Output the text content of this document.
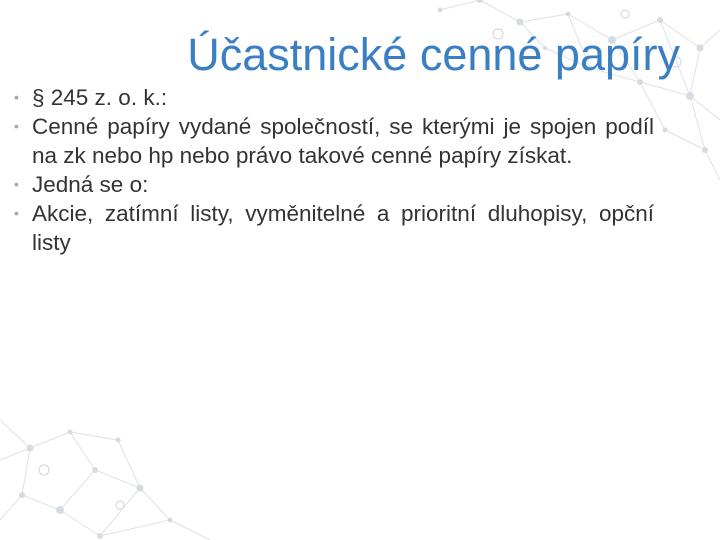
Účastnické cenné papíry
• § 245 z. o. k.:
• Cenné papíry vydané společností, se kterými je spojen podíl na zk nebo hp nebo právo takové cenné papíry získat.
• Jedná se o:
• Akcie, zatímní listy, vyměnitelné a prioritní dluhopisy, opční listy
